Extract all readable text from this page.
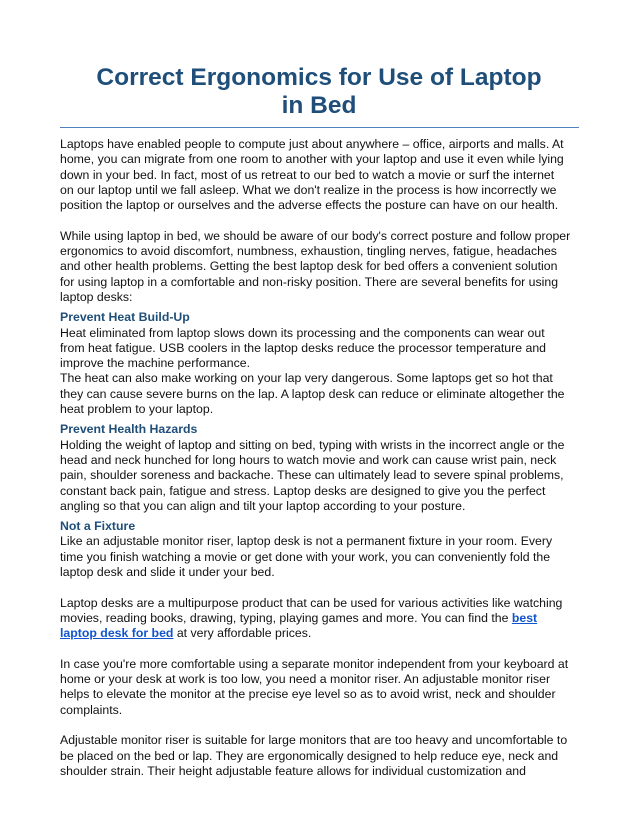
Correct Ergonomics for Use of Laptop
in Bed

Laptops have enabled people to compute just about anywhere – office, airports and malls. At
home, you can migrate from one room to another with your laptop and use it even while lying
down in your bed. In fact, most of us retreat to our bed to watch a movie or surf the internet
on our laptop until we fall asleep. What we don't realize in the process is how incorrectly we
position the laptop or ourselves and the adverse effects the posture can have on our health.

While using laptop in bed, we should be aware of our body's correct posture and follow proper
ergonomics to avoid discomfort, numbness, exhaustion, tingling nerves, fatigue, headaches
and other health problems. Getting the best laptop desk for bed offers a convenient solution
for using laptop in a comfortable and non-risky position. There are several benefits for using
laptop desks:

Prevent Heat Build-Up

Heat eliminated from laptop slows down its processing and the components can wear out
from heat fatigue. USB coolers in the laptop desks reduce the processor temperature and
improve the machine performance.

The heat can also make working on your lap very dangerous. Some laptops get so hot that
they can cause severe burns on the lap. A laptop desk can reduce or eliminate altogether the
heat problem to your laptop.

Prevent Health Hazards

Holding the weight of laptop and sitting on bed, typing with wrists in the incorrect angle or the
head and neck hunched for long hours to watch movie and work can cause wrist pain, neck
pain, shoulder soreness and backache. These can ultimately lead to severe spinal problems,
constant back pain, fatigue and stress. Laptop desks are designed to give you the perfect
angling so that you can align and tilt your laptop according to your posture.

Not a Fixture

Like an adjustable monitor riser, laptop desk is not a permanent fixture in your room. Every
time you finish watching a movie or get done with your work, you can conveniently fold the
laptop desk and slide it under your bed.

Laptop desks are a multipurpose product that can be used for various activities like watching
movies, reading books, drawing, typing, playing games and more. You can find the best
laptop desk for bed at very affordable prices.

In case you're more comfortable using a separate monitor independent from your keyboard at
home or your desk at work is too low, you need a monitor riser. An adjustable monitor riser
helps to elevate the monitor at the precise eye level so as to avoid wrist, neck and shoulder
complaints.

Adjustable monitor riser is suitable for large monitors that are too heavy and uncomfortable to
be placed on the bed or lap. They are ergonomically designed to help reduce eye, neck and
shoulder strain. Their height adjustable feature allows for individual customization and
